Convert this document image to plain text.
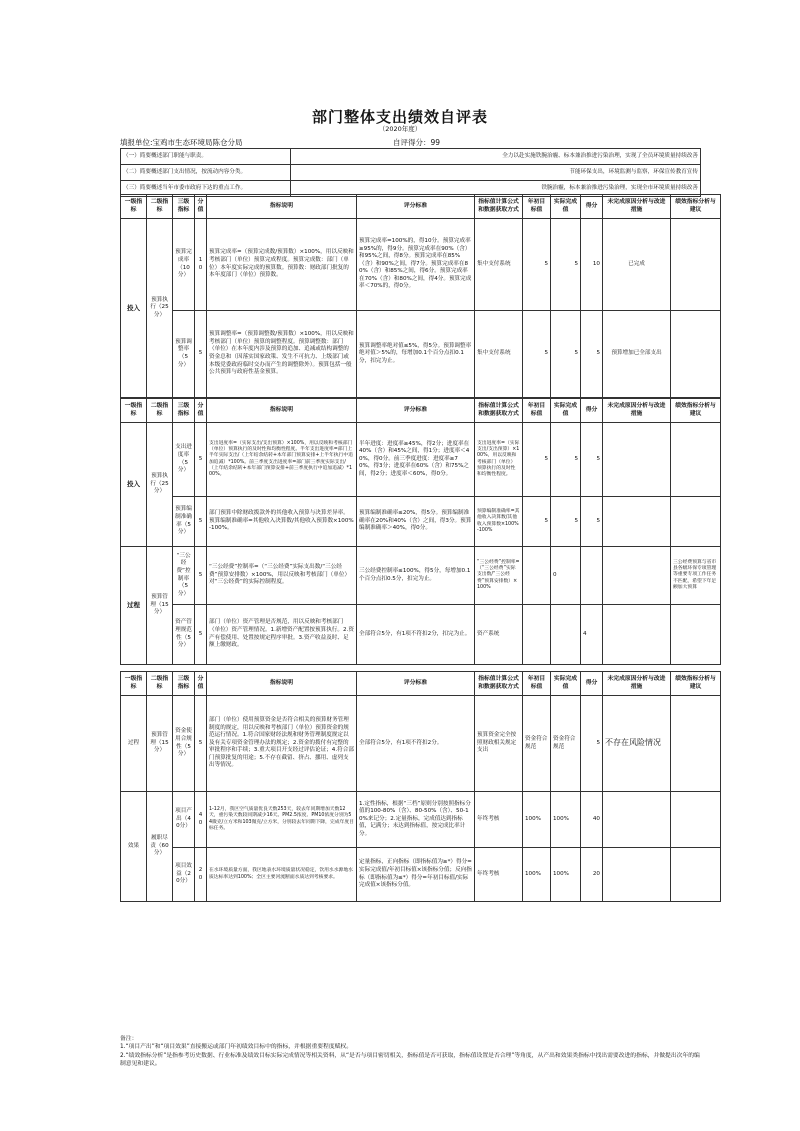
部门整体支出绩效自评表
（2020年度）
填报单位:宝鸡市生态环境局陈仓分局	自评得分：99
（一）简要概述部门职能与职责。	全力以赴实施铁腕治霾、标本兼治推进污染治理，实现了全员环境质量持续改善
（二）简要概述部门支出情况，按流动内容分类。	节能环保支出，环境监测与监察，环保宣传教育宣传
（三）简要概述当年市委市政府下达的重点工作。	铁腕治霾，标本兼治推进污染治理，实现全市环境质量持续改善
一级指标	二级指标	三级指标	分值	指标说明	评分标准	指标值计算公式和数据获取方式	年初目标值	实际完成值	得分	未完成原因分析与改进措施	绩效指标分析与建议
投入	预算执行（25分）	预算完成率（10分）	10	预算完成率=（预算完成数/预算数）×100%，用以反映和考核部门（单位）预算完成程度。预算完成数：部门（单位）本年度实际完成的预算数。预算数：财政部门批复的本年度部门（单位）预算数。	预算完成率=100%的，得10分。预算完成率≥95%的，得9分。预算完成率在90%（含）和95%之间，得8分。预算完成率在85%（含）和90%之间，得7分。预算完成率在80%（含）和85%之间，得6分。预算完成率在70%（含）和80%之间，得4分。预算完成率＜70%的，得0分。	集中支付系统	5	5	10	已完成	
		预算调整率（5分）	5	预算调整率=（预算调整数/预算数）×100%，用以反映和考核部门（单位）预算的调整程度。预算调整数：部门（单位）在本年度内涉及预算的追加、追减或结构调整的资金总和（因落实国家政策、发生不可抗力、上级部门或本级党委政府临时交办而产生的调整除外）。预算包括一般公共预算与政府性基金预算。	预算调整率绝对值≤5%，得5分。预算调整率绝对值＞5%的，每增加0.1个百分点扣0.1分，扣完为止。	集中支付系统	5	5	5	预算增加已全部支出	
一级指标	二级指标	三级指标	分值	指标说明	评分标准	指标值计算公式和数据获取方式	年初目标值	实际完成值	得分	未完成原因分析与改进措施	绩效指标分析与建议
投入	预算执行（25分）	支出进度率（5分）	5	支出进度率=（实际支出/支出预算）×100%，用以反映和考核部门（单位）预算执行的及时性和均衡性程度。半年支出进度率=部门上半年实际支出/（上年结余结转+本年部门预算安排+上半年执行中追加追减）*100%。前三季度支出进度率=部门前三季度实际支出/（上年结余结转+本年部门预算安排+前三季度执行中追加追减）*100%。	半年进度：进度率≥45%，得2分；进度率在40%（含）和45%之间，得1分；进度率＜40%，得0分。前三季度进度：进度率≥70%，得3分；进度率在60%（含）和75%之间，得2分；进度率＜60%，得0分。	支出进度率=（实际支出/支出预算）×100%，用以反映和考核部门（单位）预算执行的及时性和均衡性程度。	5	5	5		
		预算编制准确率（5分）	5	部门预算中除财政拨款外的其他收入预算与决算差异率。预算编制准确率=其他收入决算数/其他收入预算数×100%-100%。	预算编制准确率≤20%，得5分。预算编制准确率在20%和40%（含）之间，得3分。预算编制准确率＞40%，得0分。	预算编制准确率=其他收入决算数/其他收入预算数×100%-100%	5	5	5		
过程	预算管理（15分）	“三公经费”控制率（5分）	5	“三公经费”控制率=（“三公经费”实际支出数/“三公经费”预算安排数）×100%，用以反映和考核部门（单位）对“三公经费”的实际控制程度。	三公经费控制率≤100%，得5分，每增加0.1个百分点扣0.5分，扣完为止。	“三公经费”控制率=（“三公经费”实际支出数/“三公经费”预算安排数）×100%		0			三公经费预算与省市县各级环保专项管理等重要专项工作任务不匹配，希望下年足额加大预算
		资产管理规范性（5分）	5	部门（单位）资产管理是否规范，用以反映和考核部门（单位）资产管理情况。1.新增资产配置按预算执行。2.资产有偿使用、处置按规定程序审批。3.资产收益及时、足额上缴财政。	全部符合5分，有1项不符扣2分，扣完为止。	资产系统			4		
一级指标	二级指标	三级指标	分值	指标说明	评分标准	指标值计算公式和数据获取方式	年初目标值	实际完成值	得分	未完成原因分析与改进措施	绩效指标分析与建议
过程	预算管理（15分）	资金使用合规性（5分）	5	部门（单位）使用预算资金是否符合相关的预算财务管理制度的规定，用以反映和考核部门（单位）预算资金的规范运行情况。1.符合国家财经法规和财务管理制度规定以及有关专项资金管理办法的规定；2.资金的拨付有完整的审批程序和手续；3.重大项目开支经过评估论证；4.符合部门预算批复的用途；5.不存在截留、挤占、挪用、虚列支出等情况。	全部符合5分，有1项不符扣2分。	预算资金完全按照财政相关规定支出	资金符合规范	资金符合规范	5	不存在风险情况	
效果	履职尽责（60分）	项目产出（40分）	40	1-12月，我区空气质量优良天数253天，较去年同期增加天数12天，重污染天数较同期减少16天。PM2.5浓度、PM10浓度分别为54微克/立方米和103微克/立方米，分别较去年同期下降，完成年度目标任务。	1.定性指标，根据“三档”原则分别按照指标分值的100-80%（含）、80-50%（含）、50-10%来记分；2.定量指标，完成值达到指标值，记满分；未达到指标值，按完成比率计分。	年终考核	100%	100%	40		
		项目效益（20分）	20	在水环境质量方面，我区地表水环境质量状况稳定，饮用水水源地水质达标率达到100%；全区主要河流断面水质达到考核要求。	定量指标，正向指标（即指标值为≥*）得分=实际完成值/年初目标值×该指标分值；反向指标（即指标值为≤*）得分=年初目标值/实际完成值×该指标分值。	年终考核	100%	100%	20		
备注：
1.“项目产出”和“项目效果”直接搬运或部门年初绩效目标中的指标，并根据重要程度赋权。
2.“绩效指标分析”是指参考历史数据、行业标准及绩效目标实际完成情况等相关资料，从“是否与项目密切相关，指标值是否可获取，指标值设置是否合理”等角度，从产出和效果类指标中找出需要改进的指标，并做提出次年的编制意见和建议。
